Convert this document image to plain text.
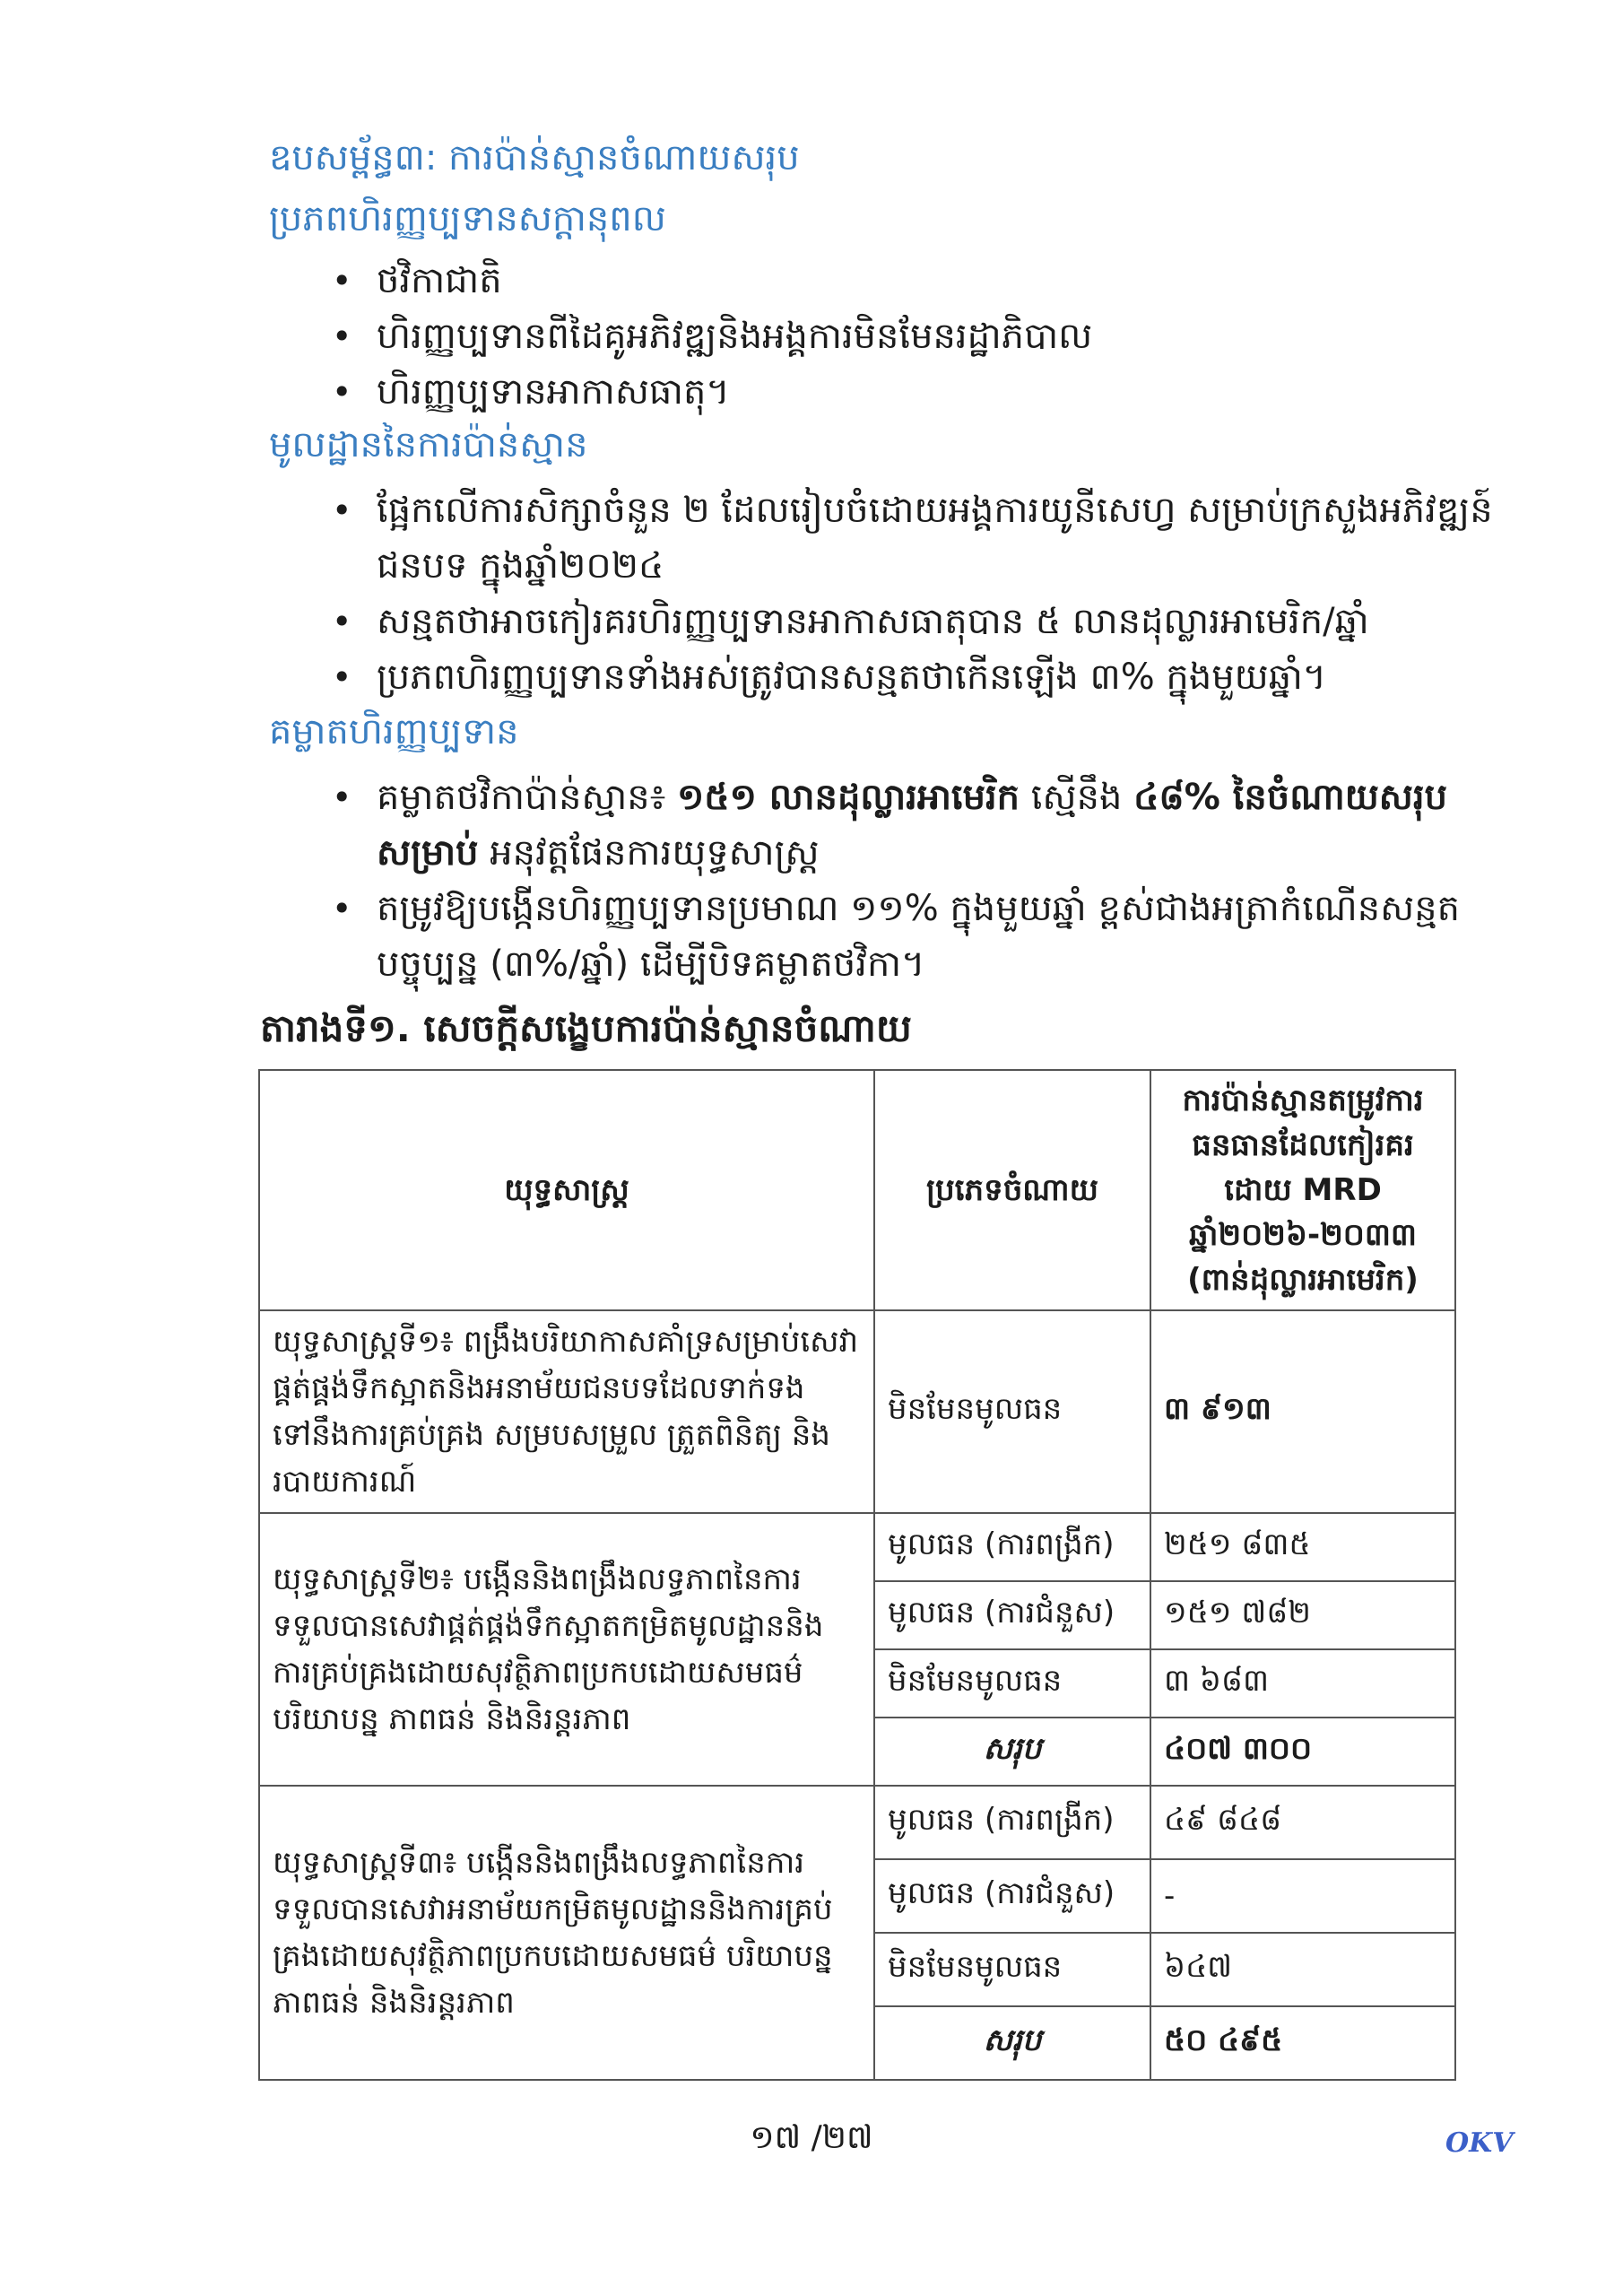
ឧបសម្ព័ន្ធ៣: ការប៉ាន់ស្មានចំណាយសរុប
ប្រភពហិរញ្ញប្បទានសក្តានុពល
• ថវិកាជាតិ
• ហិរញ្ញប្បទានពីដៃគូអភិវឌ្ឍនិងអង្គការមិនមែនរដ្ឋាភិបាល
• ហិរញ្ញប្បទានអាកាសធាតុ។
មូលដ្ឋាននៃការប៉ាន់ស្មាន
• ផ្អែកលើការសិក្សាចំនួន ២ ដែលរៀបចំដោយអង្គការយូនីសេហ្វ សម្រាប់ក្រសួងអភិវឌ្ឍន៍ជនបទ ក្នុងឆ្នាំ២០២៤
• សន្មតថាអាចកៀរគរហិរញ្ញប្បទានអាកាសធាតុបាន ៥ លានដុល្លារអាមេរិក/ឆ្នាំ
• ប្រភពហិរញ្ញប្បទានទាំងអស់ត្រូវបានសន្មតថាកើនឡើង ៣% ក្នុងមួយឆ្នាំ។
គម្លាតហិរញ្ញប្បទាន
• គម្លាតថវិកាប៉ាន់ស្មាន៖ ១៥១ លានដុល្លារអាមេរិក ស្មើនឹង ៤៨% នៃចំណាយសរុបសម្រាប់ អនុវត្តផែនការយុទ្ធសាស្រ្ត
• តម្រូវឱ្យបង្កើនហិរញ្ញប្បទានប្រមាណ ១១% ក្នុងមួយឆ្នាំ ខ្ពស់ជាងអត្រាកំណើនសន្មតបច្ចុប្បន្ន (៣%/ឆ្នាំ) ដើម្បីបិទគម្លាតថវិកា។
តារាងទី១. សេចក្តីសង្ខេបការប៉ាន់ស្មានចំណាយ
យុទ្ធសាស្រ្ត	ប្រភេទចំណាយ	ការប៉ាន់ស្មានតម្រូវការធនធានដែលកៀរគរដោយ MRD ឆ្នាំ២០២៦-២០៣៣ (ពាន់ដុល្លារអាមេរិក)
យុទ្ធសាស្រ្តទី១៖ ពង្រឹងបរិយាកាសគាំទ្រសម្រាប់សេវាផ្គត់ផ្គង់ទឹកស្អាតនិងអនាម័យជនបទដែលទាក់ទងទៅនឹងការគ្រប់គ្រង សម្របសម្រួល ត្រួតពិនិត្យ និងរបាយការណ៍	មិនមែនមូលធន	៣ ៩១៣
យុទ្ធសាស្រ្តទី២៖ បង្កើននិងពង្រឹងលទ្ធភាពនៃការទទួលបានសេវាផ្គត់ផ្គង់ទឹកស្អាតកម្រិតមូលដ្ឋាននិងការគ្រប់គ្រងដោយសុវត្ថិភាពប្រកបដោយសមធម៌ បរិយាបន្ន ភាពធន់ និងនិរន្តរភាព	មូលធន (ការពង្រីក)	២៥១ ៨៣៥
	មូលធន (ការជំនួស)	១៥១ ៧៨២
	មិនមែនមូលធន	៣ ៦៨៣
	សរុប	៤០៧ ៣០០
យុទ្ធសាស្រ្តទី៣៖ បង្កើននិងពង្រឹងលទ្ធភាពនៃការទទួលបានសេវាអនាម័យកម្រិតមូលដ្ឋាននិងការគ្រប់គ្រងដោយសុវត្ថិភាពប្រកបដោយសមធម៌ បរិយាបន្ន ភាពធន់ និងនិរន្តរភាព	មូលធន (ការពង្រីក)	៤៩ ៨៤៨
	មូលធន (ការជំនួស)	-
	មិនមែនមូលធន	៦៤៧
	សរុប	៥០ ៤៩៥
១៧ /២៧	OKV
